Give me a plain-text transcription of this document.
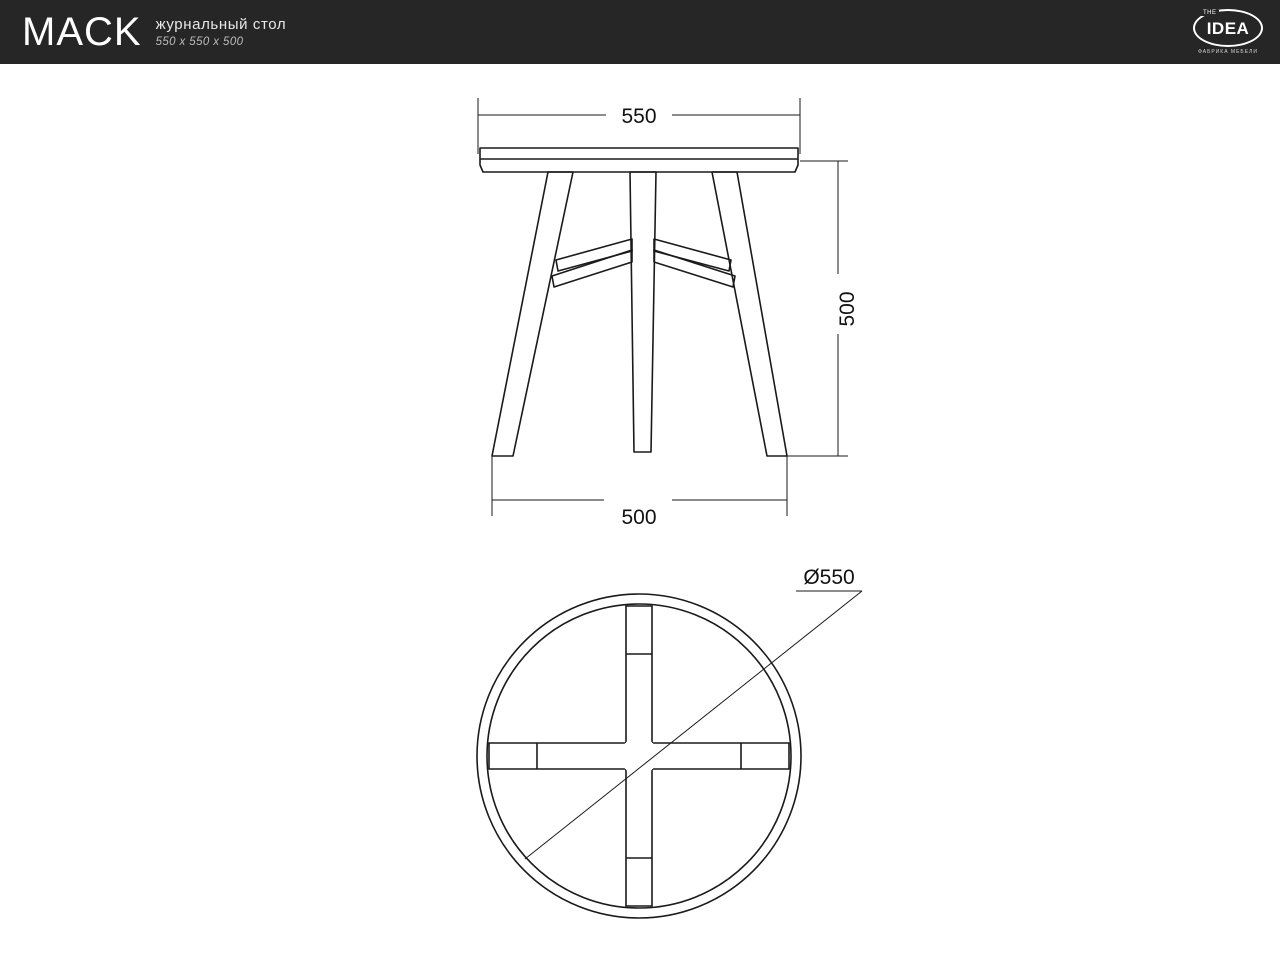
MACK журнальный стол
550 x 550 x 500
THE
IDEA
ФАБРИКА МЕБЕЛИ
550
500
500
Ø550
